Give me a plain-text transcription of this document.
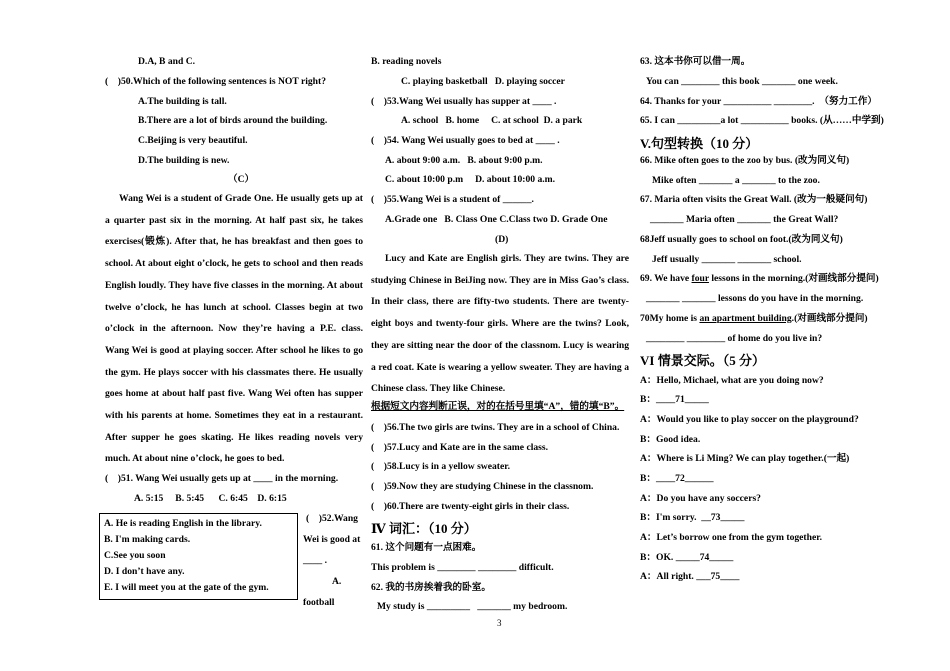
D.A, B and C.
(    )50.Which of the following sentences is NOT right?
A.The building is tall.
B.There are a lot of birds around the building.
C.Beijing is very beautiful.
D.The building is new.
（C）
Wang Wei is a student of Grade One. He usually gets up at a quarter past six in the morning. At half past six, he takes exercises(锻炼). After that, he has breakfast and then goes to school. At about eight o’clock, he gets to school and then reads English loudly. They have five classes in the morning. At about twelve o’clock, he has lunch at school. Classes begin at two o’clock in the afternoon. Now they’re having a P.E. class. Wang Wei is good at playing soccer. After school he likes to go the gym. He plays soccer with his classmates there. He usually goes home at about half past five. Wang Wei often has supper with his parents at home. Sometimes they eat in a restaurant. After supper he goes skating. He likes reading novels very much. At about nine o’clock, he goes to bed.
(    )51. Wang Wei usually gets up at ____ in the morning.
A. 5:15     B. 5:45      C. 6:45    D. 6:15
A. He is reading English in the library.
B. I'm making cards.
C.See you soon
D. I don’t have any.
E. I will meet you at the gate of the gym.
(    )52.Wang
Wei is good at
____ .
A.
football
B. reading novels
C. playing basketball   D. playing soccer
(    )53.Wang Wei usually has supper at ____ .
A. school   B. home     C. at school  D. a park
(    )54. Wang Wei usually goes to bed at ____ .
A. about 9:00 a.m.   B. about 9:00 p.m.
C. about 10:00 p.m     D. about 10:00 a.m.
(    )55.Wang Wei is a student of ______.
A.Grade one   B. Class One C.Class two D. Grade One
(D)
Lucy and Kate are English girls. They are twins. They are studying Chinese in BeiJing now. They are in Miss Gao’s class. In their class, there are fifty-two students. There are twenty-eight boys and twenty-four girls. Where are the twins? Look, they are sitting near the door of the classnom. Lucy is wearing a red coat. Kate is wearing a yellow sweater. They are having a Chinese class. They like Chinese.
根据短文内容判断正误，对的在括号里填“A”，错的填“B”。
(    )56.The two girls are twins. They are in a school of China.
(    )57.Lucy and Kate are in the same class.
(    )58.Lucy is in a yellow sweater.
(    )59.Now they are studying Chinese in the classnom.
(    )60.There are twenty-eight girls in their class.
Ⅳ 词汇：（10 分）
61. 这个问题有一点困难。
This problem is ________ ________ difficult.
62. 我的书房挨着我的卧室。
My study is _________   _______ my bedroom.
63. 这本书你可以借一周。
You can ________ this book _______ one week.
64. Thanks for your __________ ________.  （努力工作）
65. I can _________a lot __________ books. (从……中学到)
V.句型转换（10 分）
66. Mike often goes to the zoo by bus. (改为同义句)
Mike often _______ a _______ to the zoo.
67. Maria often visits the Great Wall. (改为一般疑问句)
_______ Maria often _______ the Great Wall?
68Jeff usually goes to school on foot.(改为同义句)
Jeff usually _______ _______ school.
69. We have four lessons in the morning.(对画线部分提问)
_______ _______ lessons do you have in the morning.
70My home is an apartment building.(对画线部分提问)
________ ________ of home do you live in?
VI 情景交际。（5 分）
A：Hello, Michael, what are you doing now?
B：____71_____
A：Would you like to play soccer on the playground?
B：Good idea.
A：Where is Li Ming? We can play together.(一起)
B：____72______
A：Do you have any soccers?
B：I'm sorry.  __73_____
A：Let’s borrow one from the gym together.
B：OK. _____74_____
A：All right. ___75____
3
